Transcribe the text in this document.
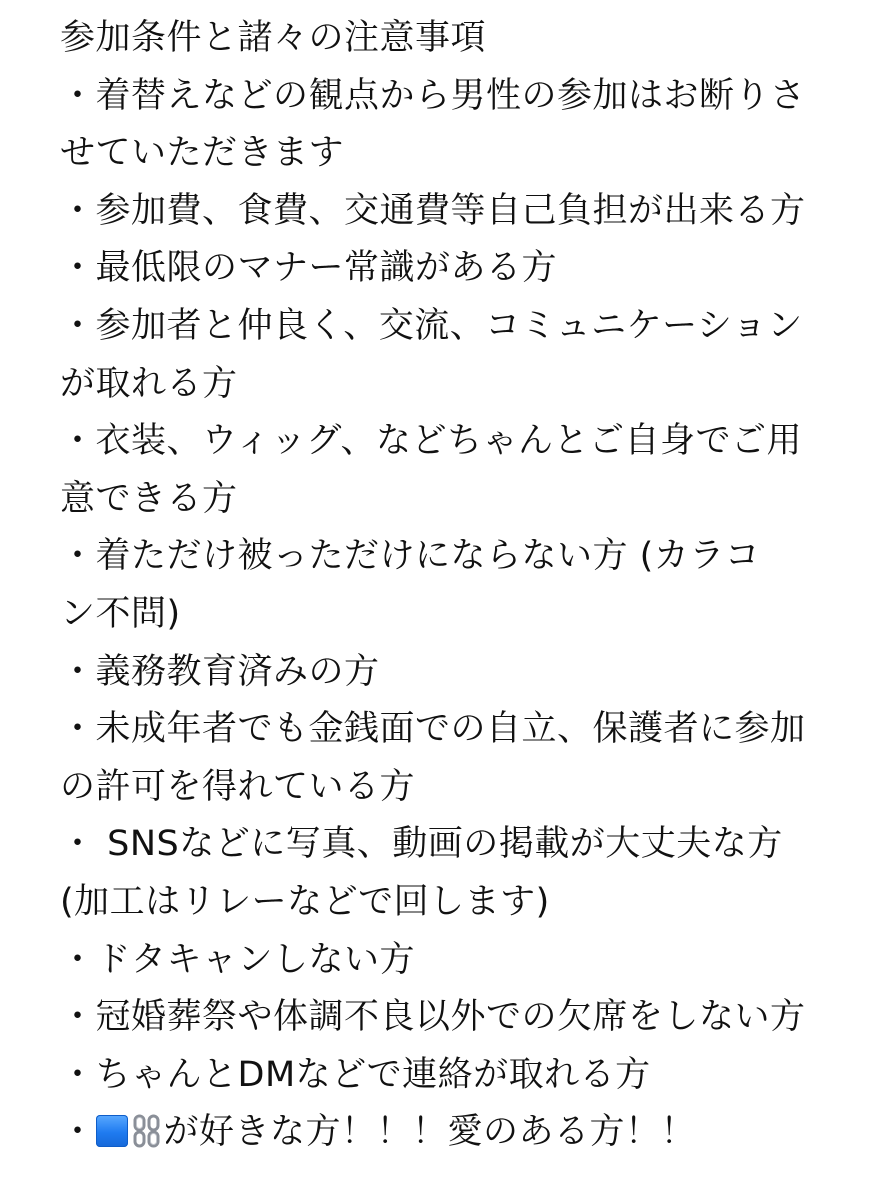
参加条件と諸々の注意事項
・着替えなどの観点から男性の参加はお断りさ
せていただきます
・参加費、食費、交通費等自己負担が出来る方
・最低限のマナー常識がある方
・参加者と仲良く、交流、コミュニケーション
が取れる方
・衣装、ウィッグ、などちゃんとご自身でご用
意できる方
・着ただけ被っただけにならない方 (カラコ
ン不問)
・義務教育済みの方
・未成年者でも金銭面での自立、保護者に参加
の許可を得れている方
・ SNSなどに写真、動画の掲載が大丈夫な方
(加工はリレーなどで回します)
・ドタキャンしない方
・冠婚葬祭や体調不良以外での欠席をしない方
・ちゃんとDMなどで連絡が取れる方
・ が好きな方！！！愛のある方！！
